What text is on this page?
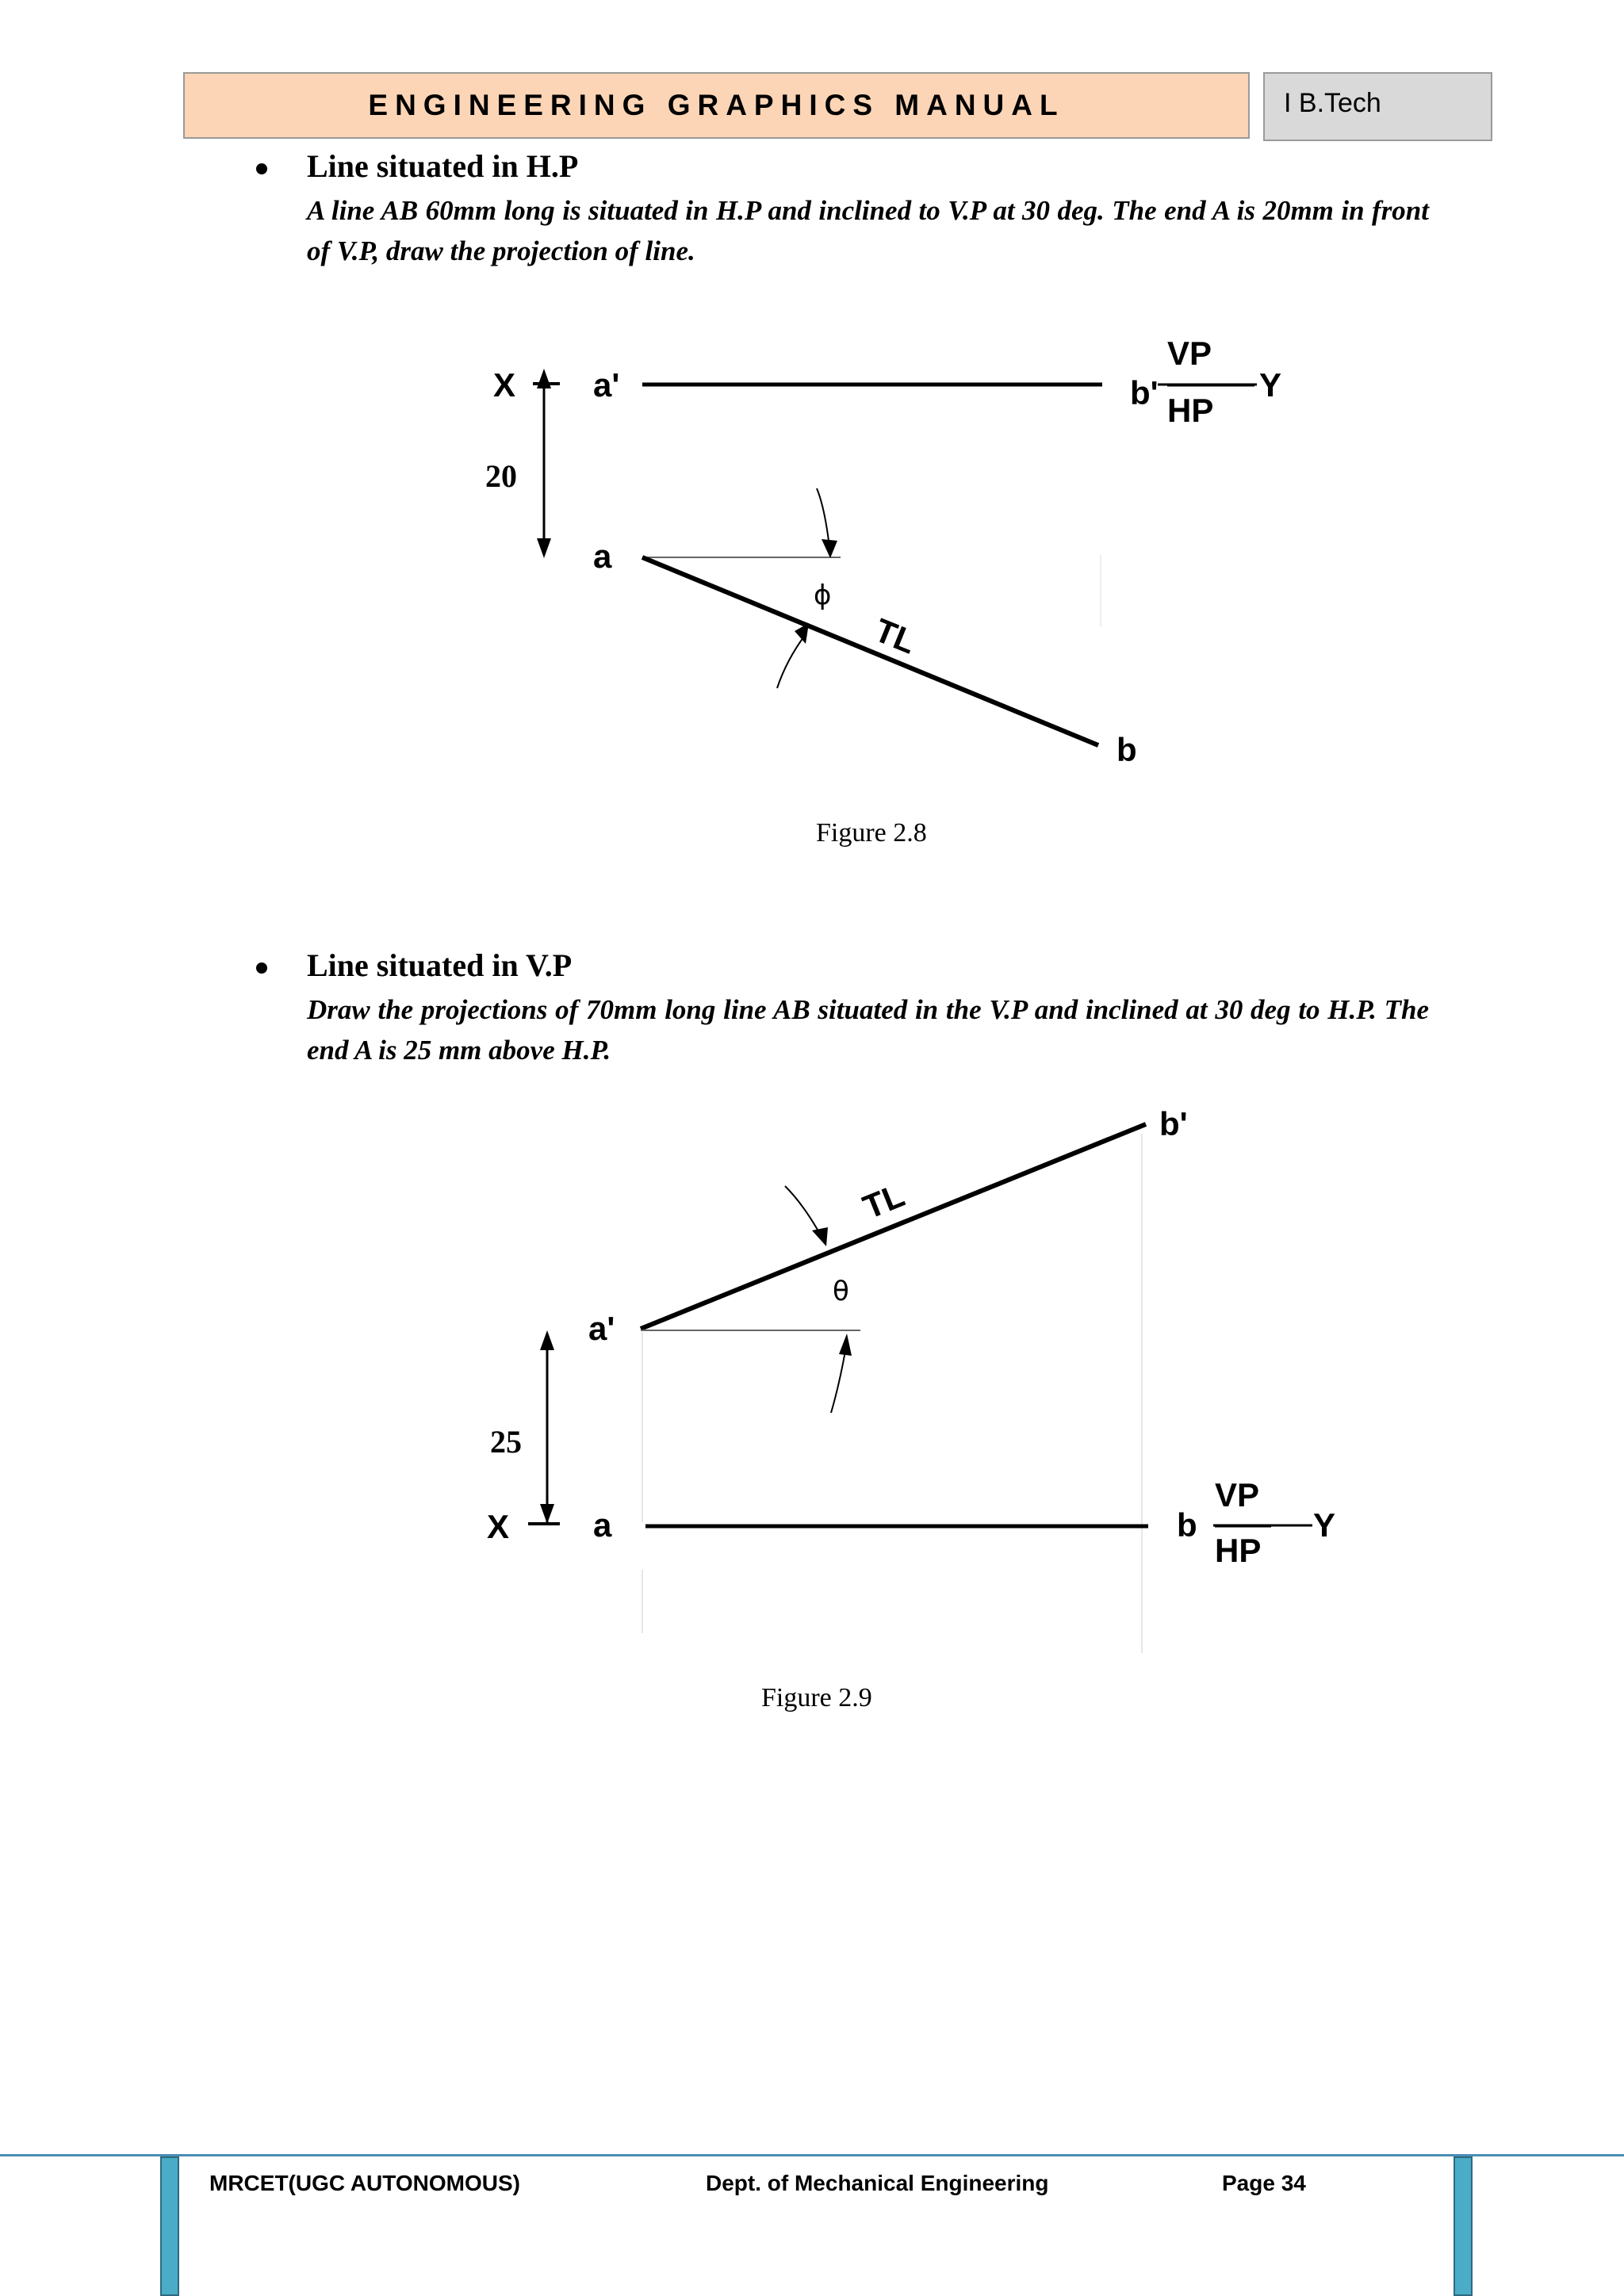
ENGINEERING GRAPHICS MANUAL	I B.Tech
Line situated in H.P
A line AB 60mm long is situated in H.P and inclined to V.P at 30 deg. The end A is 20mm in front of V.P, draw the projection of line.
X a'	b'
VP
HP
Y
20
a
b
ϕ
TL
Figure 2.8
Line situated in V.P
Draw the projections of 70mm long line AB situated in the V.P and inclined at 30 deg to H.P. The end A is 25 mm above H.P.
b'
TL
θ
a'
25
X	a	b
VP
HP
Y
Figure 2.9
MRCET(UGC AUTONOMOUS)	Dept. of Mechanical Engineering	Page 34
